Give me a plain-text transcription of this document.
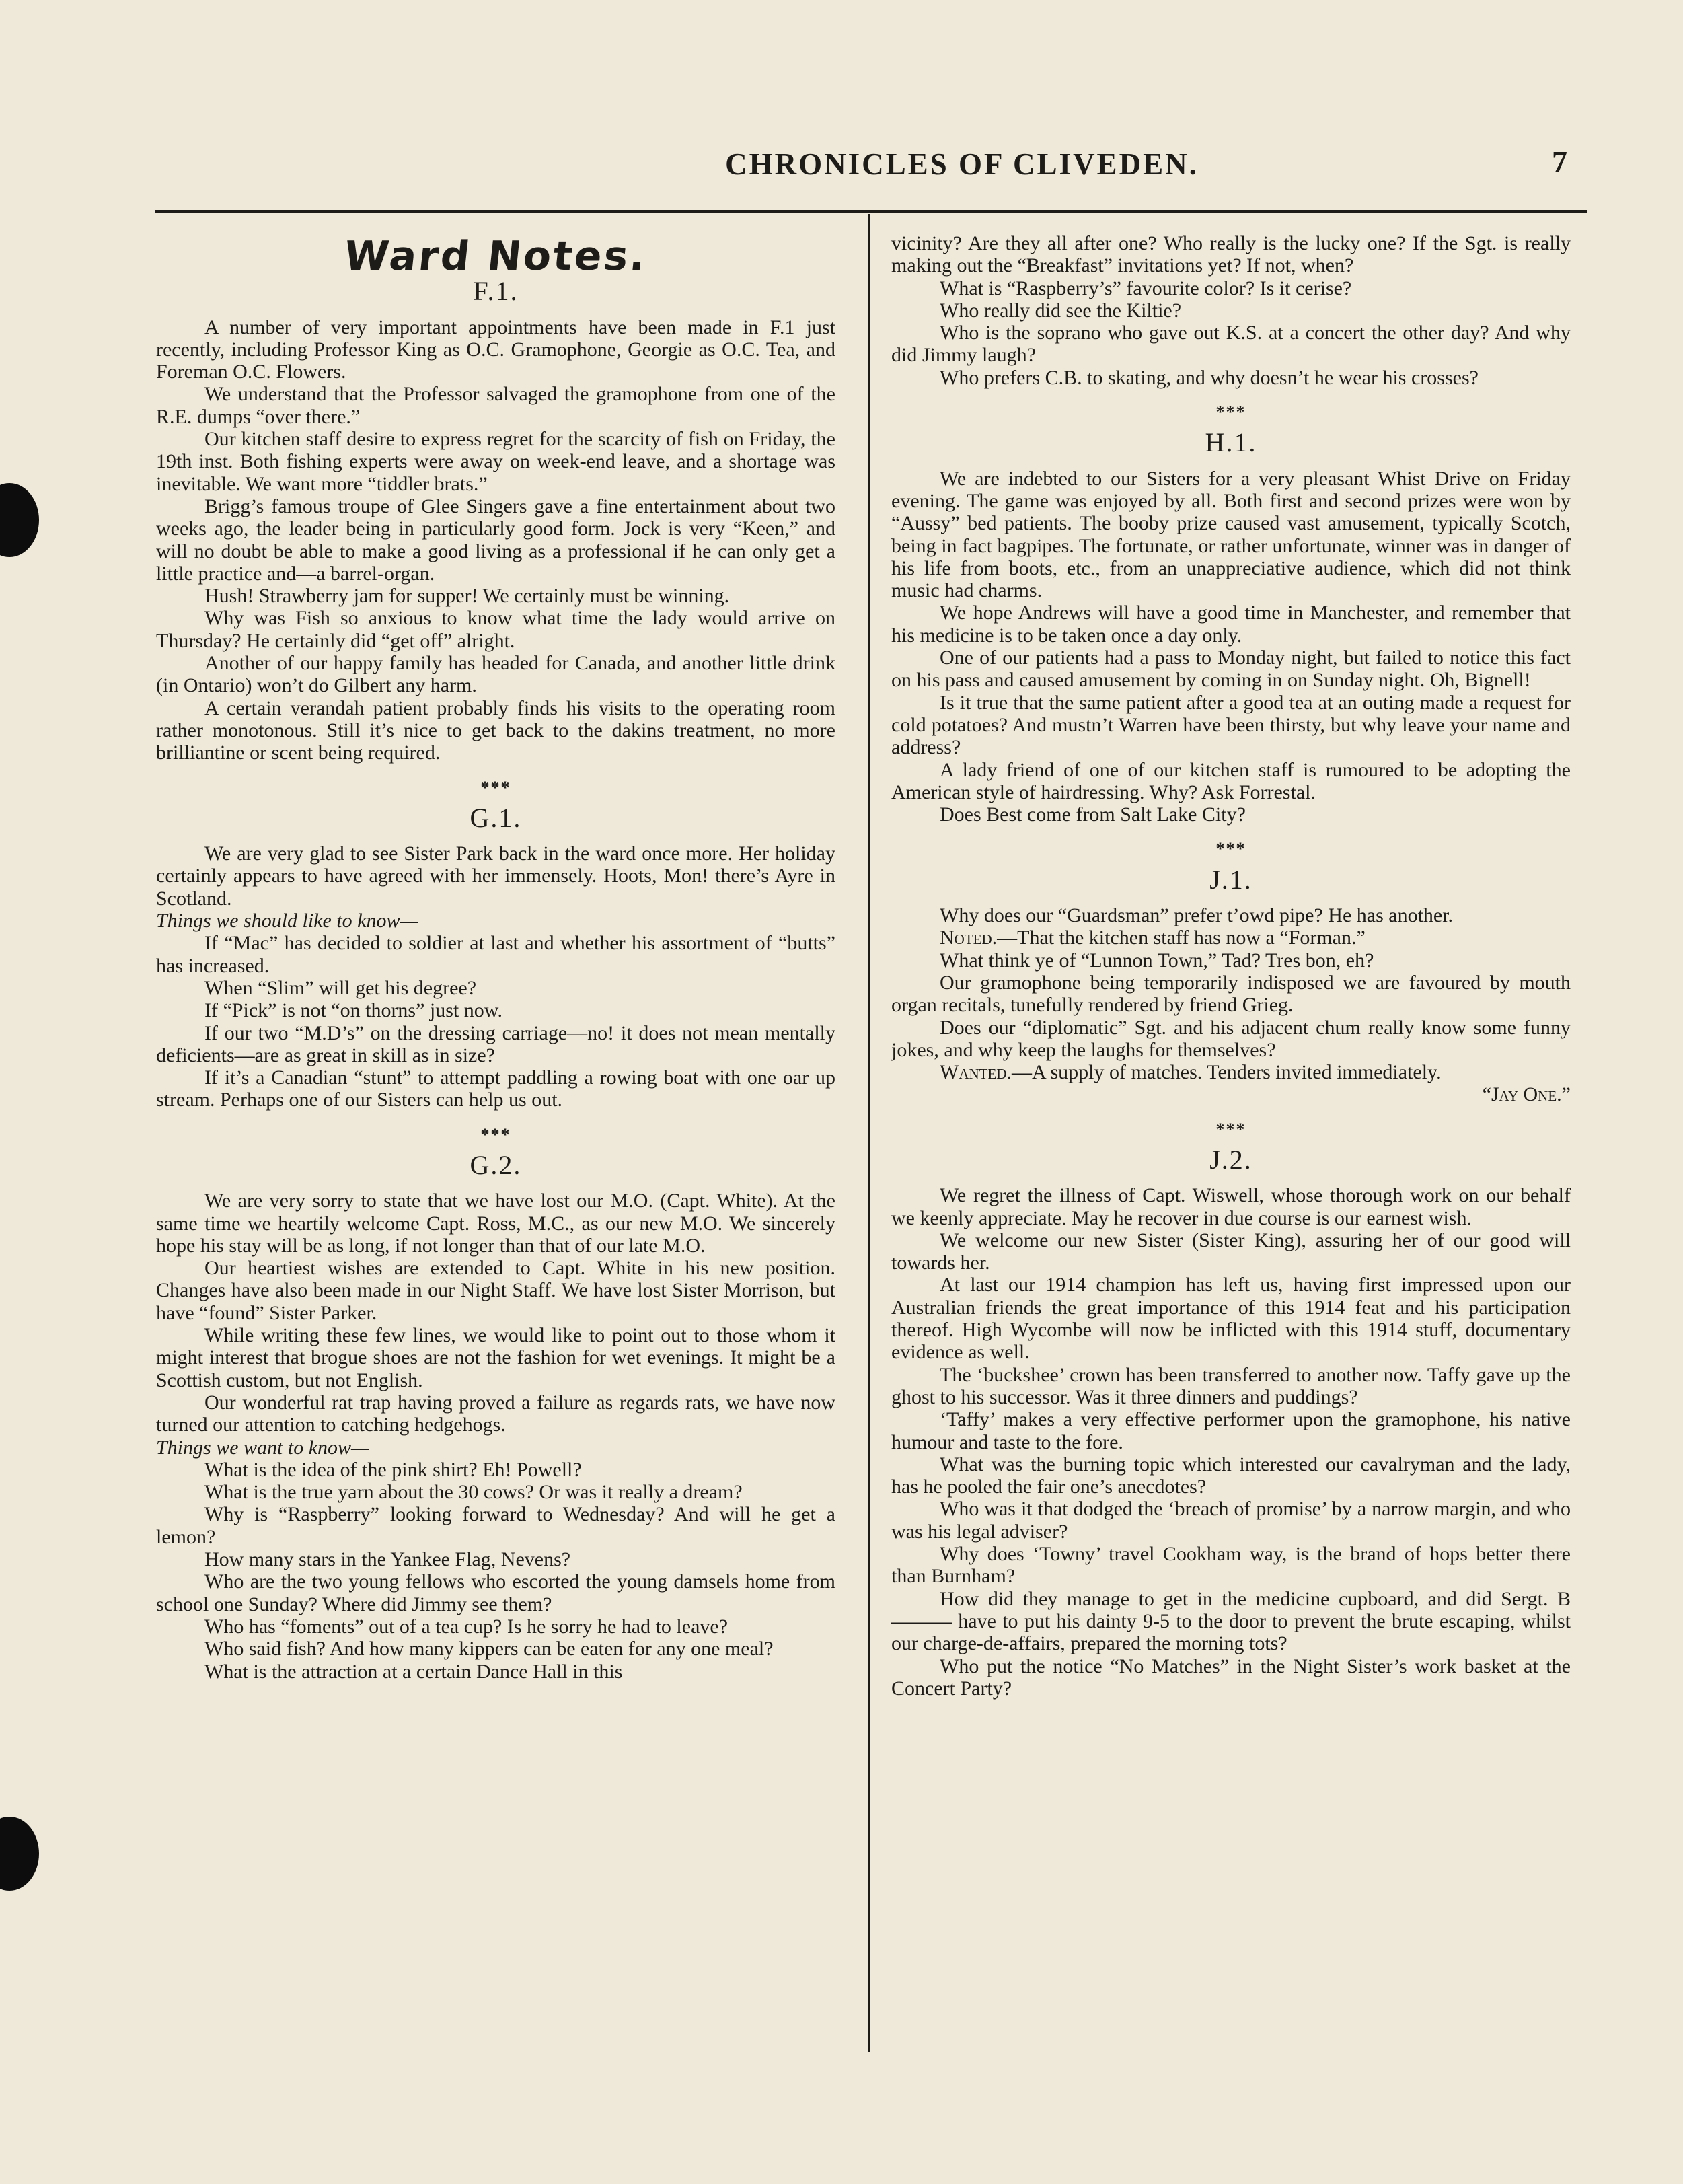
CHRONICLES OF CLIVEDEN.	7
Ward Notes.
F.1.

A number of very important appointments have been made in F.1 just recently, including Professor King as O.C. Gramophone, Georgie as O.C. Tea, and Foreman O.C. Flowers.

We understand that the Professor salvaged the gramophone from one of the R.E. dumps “over there.”

Our kitchen staff desire to express regret for the scarcity of fish on Friday, the 19th inst. Both fishing experts were away on week-end leave, and a shortage was inevitable. We want more “tiddler brats.”

Brigg’s famous troupe of Glee Singers gave a fine entertainment about two weeks ago, the leader being in particularly good form. Jock is very “Keen,” and will no doubt be able to make a good living as a professional if he can only get a little practice and—a barrel-organ.

Hush! Strawberry jam for supper! We certainly must be winning.

Why was Fish so anxious to know what time the lady would arrive on Thursday? He certainly did “get off” alright.

Another of our happy family has headed for Canada, and another little drink (in Ontario) won’t do Gilbert any harm.

A certain verandah patient probably finds his visits to the operating room rather monotonous. Still it’s nice to get back to the dakins treatment, no more brilliantine or scent being required.

***
G.1.

We are very glad to see Sister Park back in the ward once more. Her holiday certainly appears to have agreed with her immensely. Hoots, Mon! there’s Ayre in Scotland.

Things we should like to know—

If “Mac” has decided to soldier at last and whether his assortment of “butts” has increased.

When “Slim” will get his degree?

If “Pick” is not “on thorns” just now.

If our two “M.D’s” on the dressing carriage—no! it does not mean mentally deficients—are as great in skill as in size?

If it’s a Canadian “stunt” to attempt paddling a rowing boat with one oar up stream. Perhaps one of our Sisters can help us out.

***
G.2.

We are very sorry to state that we have lost our M.O. (Capt. White). At the same time we heartily welcome Capt. Ross, M.C., as our new M.O. We sincerely hope his stay will be as long, if not longer than that of our late M.O.

Our heartiest wishes are extended to Capt. White in his new position. Changes have also been made in our Night Staff. We have lost Sister Morrison, but have “found” Sister Parker.

While writing these few lines, we would like to point out to those whom it might interest that brogue shoes are not the fashion for wet evenings. It might be a Scottish custom, but not English.

Our wonderful rat trap having proved a failure as regards rats, we have now turned our attention to catching hedgehogs.

Things we want to know—

What is the idea of the pink shirt? Eh! Powell?

What is the true yarn about the 30 cows? Or was it really a dream?

Why is “Raspberry” looking forward to Wednesday? And will he get a lemon?

How many stars in the Yankee Flag, Nevens?

Who are the two young fellows who escorted the young damsels home from school one Sunday? Where did Jimmy see them?

Who has “foments” out of a tea cup? Is he sorry he had to leave?

Who said fish? And how many kippers can be eaten for any one meal?

What is the attraction at a certain Dance Hall in this

vicinity? Are they all after one? Who really is the lucky one? If the Sgt. is really making out the “Breakfast” invitations yet? If not, when?

What is “Raspberry’s” favourite color? Is it cerise?

Who really did see the Kiltie?

Who is the soprano who gave out K.S. at a concert the other day? And why did Jimmy laugh?

Who prefers C.B. to skating, and why doesn’t he wear his crosses?

***
H.1.

We are indebted to our Sisters for a very pleasant Whist Drive on Friday evening. The game was enjoyed by all. Both first and second prizes were won by “Aussy” bed patients. The booby prize caused vast amusement, typically Scotch, being in fact bagpipes. The fortunate, or rather unfortunate, winner was in danger of his life from boots, etc., from an unappreciative audience, which did not think music had charms.

We hope Andrews will have a good time in Manchester, and remember that his medicine is to be taken once a day only.

One of our patients had a pass to Monday night, but failed to notice this fact on his pass and caused amusement by coming in on Sunday night. Oh, Bignell!

Is it true that the same patient after a good tea at an outing made a request for cold potatoes? And mustn’t Warren have been thirsty, but why leave your name and address?

A lady friend of one of our kitchen staff is rumoured to be adopting the American style of hairdressing. Why? Ask Forrestal.

Does Best come from Salt Lake City?

***
J.1.

Why does our “Guardsman” prefer t’owd pipe? He has another.

Noted.—That the kitchen staff has now a “Forman.”

What think ye of “Lunnon Town,” Tad? Tres bon, eh?

Our gramophone being temporarily indisposed we are favoured by mouth organ recitals, tunefully rendered by friend Grieg.

Does our “diplomatic” Sgt. and his adjacent chum really know some funny jokes, and why keep the laughs for themselves?

Wanted.—A supply of matches. Tenders invited immediately.

“Jay One.”

***
J.2.

We regret the illness of Capt. Wiswell, whose thorough work on our behalf we keenly appreciate. May he recover in due course is our earnest wish.

We welcome our new Sister (Sister King), assuring her of our good will towards her.

At last our 1914 champion has left us, having first impressed upon our Australian friends the great importance of this 1914 feat and his participation thereof. High Wycombe will now be inflicted with this 1914 stuff, documentary evidence as well.

The ‘buckshee’ crown has been transferred to another now. Taffy gave up the ghost to his successor. Was it three dinners and puddings?

‘Taffy’ makes a very effective performer upon the gramophone, his native humour and taste to the fore.

What was the burning topic which interested our cavalryman and the lady, has he pooled the fair one’s anecdotes?

Who was it that dodged the ‘breach of promise’ by a narrow margin, and who was his legal adviser?

Why does ‘Towny’ travel Cookham way, is the brand of hops better there than Burnham?

How did they manage to get in the medicine cupboard, and did Sergt. B——— have to put his dainty 9-5 to the door to prevent the brute escaping, whilst our charge-de-affairs, prepared the morning tots?

Who put the notice “No Matches” in the Night Sister’s work basket at the Concert Party?
